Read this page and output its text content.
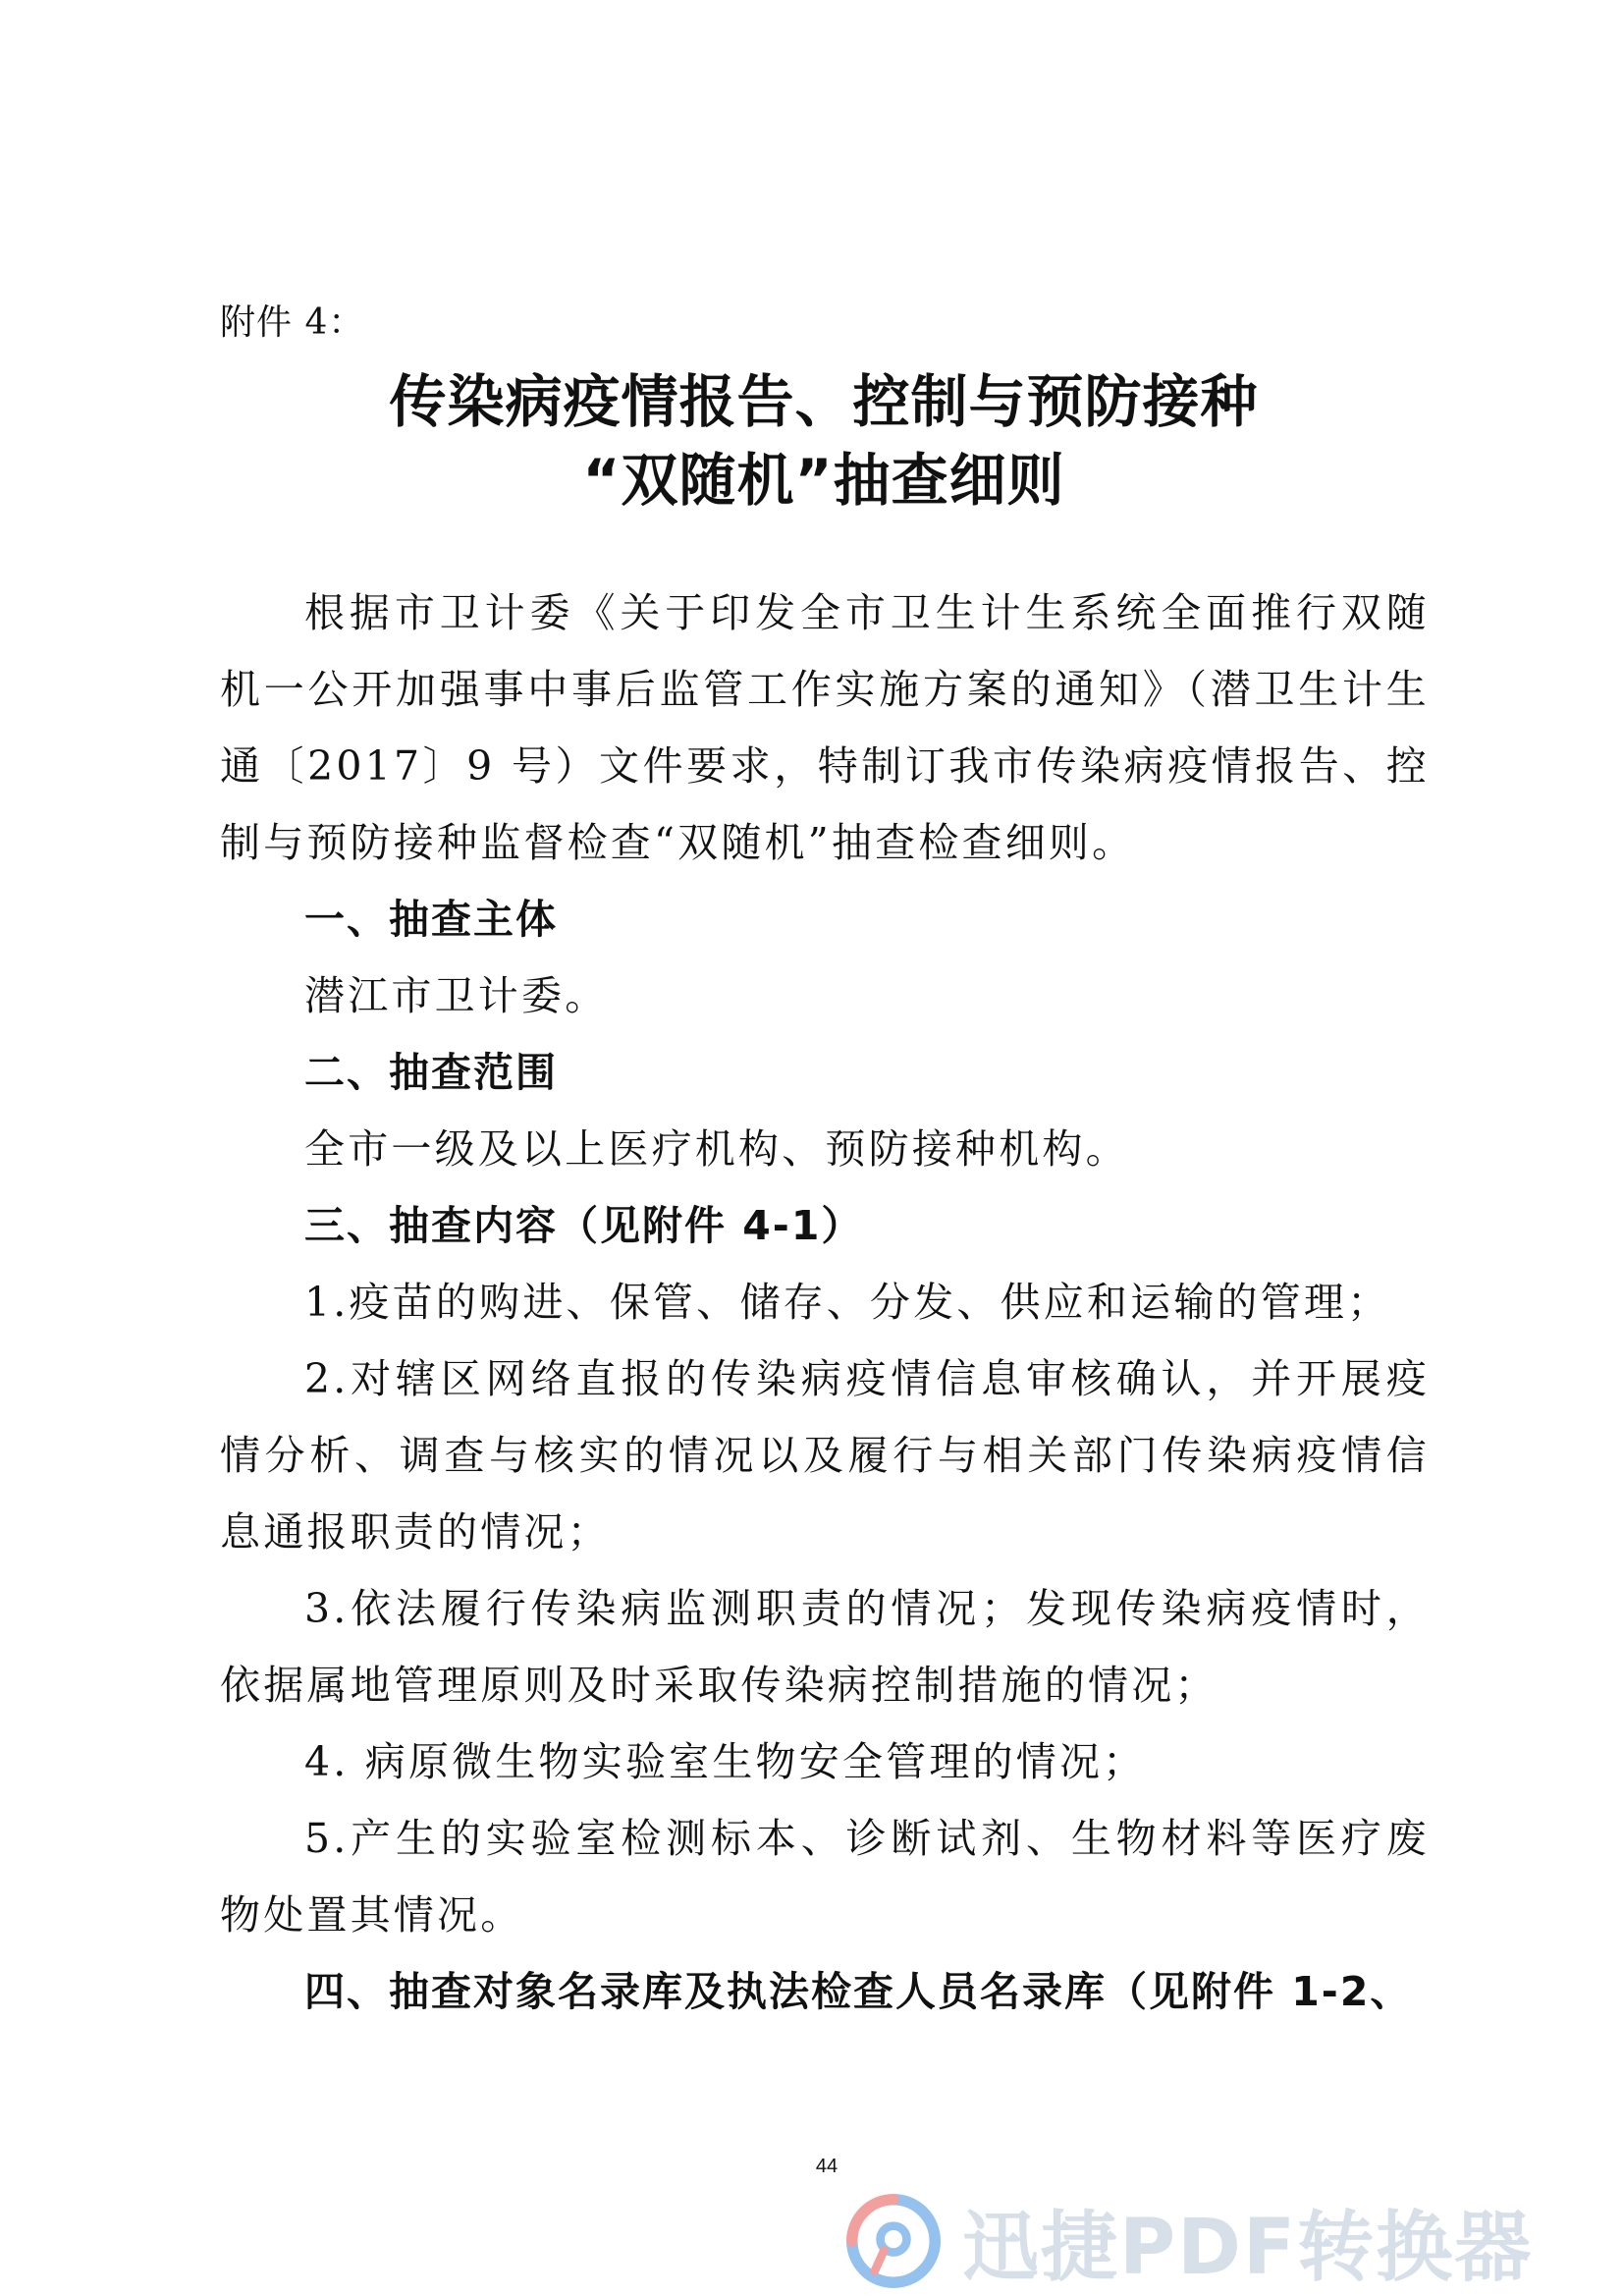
附件 4：
传染病疫情报告、控制与预防接种
“双随机”抽查细则

根据市卫计委《关于印发全市卫生计生系统全面推行双随机一公开加强事中事后监管工作实施方案的通知》（潜卫生计生通〔2017〕9 号）文件要求，特制订我市传染病疫情报告、控制与预防接种监督检查“双随机”抽查检查细则。

一、抽查主体

潜江市卫计委。

二、抽查范围

全市一级及以上医疗机构、预防接种机构。

三、抽查内容（见附件 4-1）

1.疫苗的购进、保管、储存、分发、供应和运输的管理；

2.对辖区网络直报的传染病疫情信息审核确认，并开展疫情分析、调查与核实的情况以及履行与相关部门传染病疫情信息通报职责的情况；

3.依法履行传染病监测职责的情况；发现传染病疫情时，依据属地管理原则及时采取传染病控制措施的情况；

4. 病原微生物实验室生物安全管理的情况；

5.产生的实验室检测标本、诊断试剂、生物材料等医疗废物处置其情况。

四、抽查对象名录库及执法检查人员名录库（见附件 1-2、

44
迅捷PDF转换器
